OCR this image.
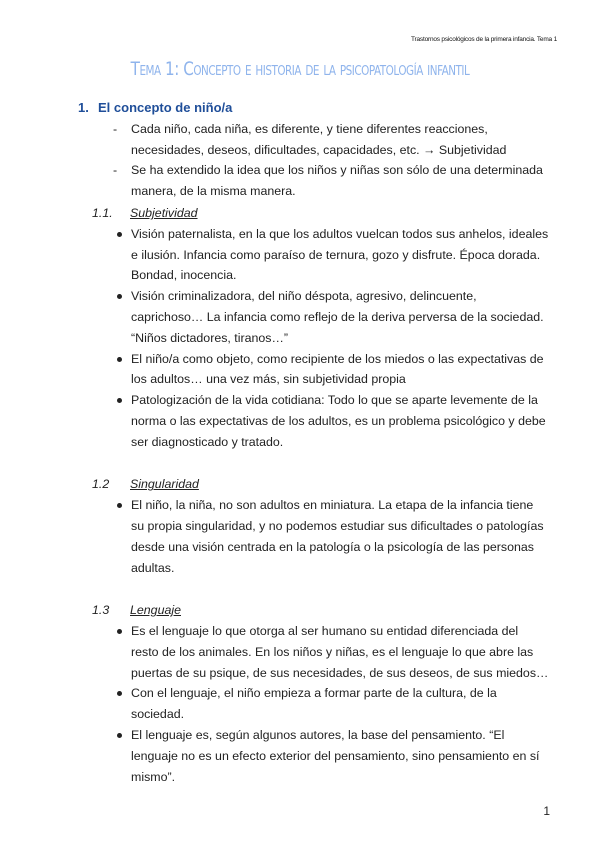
Trastornos psicológicos de la primera infancia. Tema 1
Tema 1: Concepto e historia de la psicopatología infantil
1. El concepto de niño/a
- Cada niño, cada niña, es diferente, y tiene diferentes reacciones, necesidades, deseos, dificultades, capacidades, etc. → Subjetividad
- Se ha extendido la idea que los niños y niñas son sólo de una determinada manera, de la misma manera.
1.1. Subjetividad
Visión paternalista, en la que los adultos vuelcan todos sus anhelos, ideales e ilusión. Infancia como paraíso de ternura, gozo y disfrute. Época dorada. Bondad, inocencia.
Visión criminalizadora, del niño déspota, agresivo, delincuente, caprichoso… La infancia como reflejo de la deriva perversa de la sociedad. “Niños dictadores, tiranos…”
El niño/a como objeto, como recipiente de los miedos o las expectativas de los adultos… una vez más, sin subjetividad propia
Patologización de la vida cotidiana: Todo lo que se aparte levemente de la norma o las expectativas de los adultos, es un problema psicológico y debe ser diagnosticado y tratado.
1.2 Singularidad
El niño, la niña, no son adultos en miniatura. La etapa de la infancia tiene su propia singularidad, y no podemos estudiar sus dificultades o patologías desde una visión centrada en la patología o la psicología de las personas adultas.
1.3 Lenguaje
Es el lenguaje lo que otorga al ser humano su entidad diferenciada del resto de los animales. En los niños y niñas, es el lenguaje lo que abre las puertas de su psique, de sus necesidades, de sus deseos, de sus miedos…
Con el lenguaje, el niño empieza a formar parte de la cultura, de la sociedad.
El lenguaje es, según algunos autores, la base del pensamiento. “El lenguaje no es un efecto exterior del pensamiento, sino pensamiento en sí mismo”.
1
